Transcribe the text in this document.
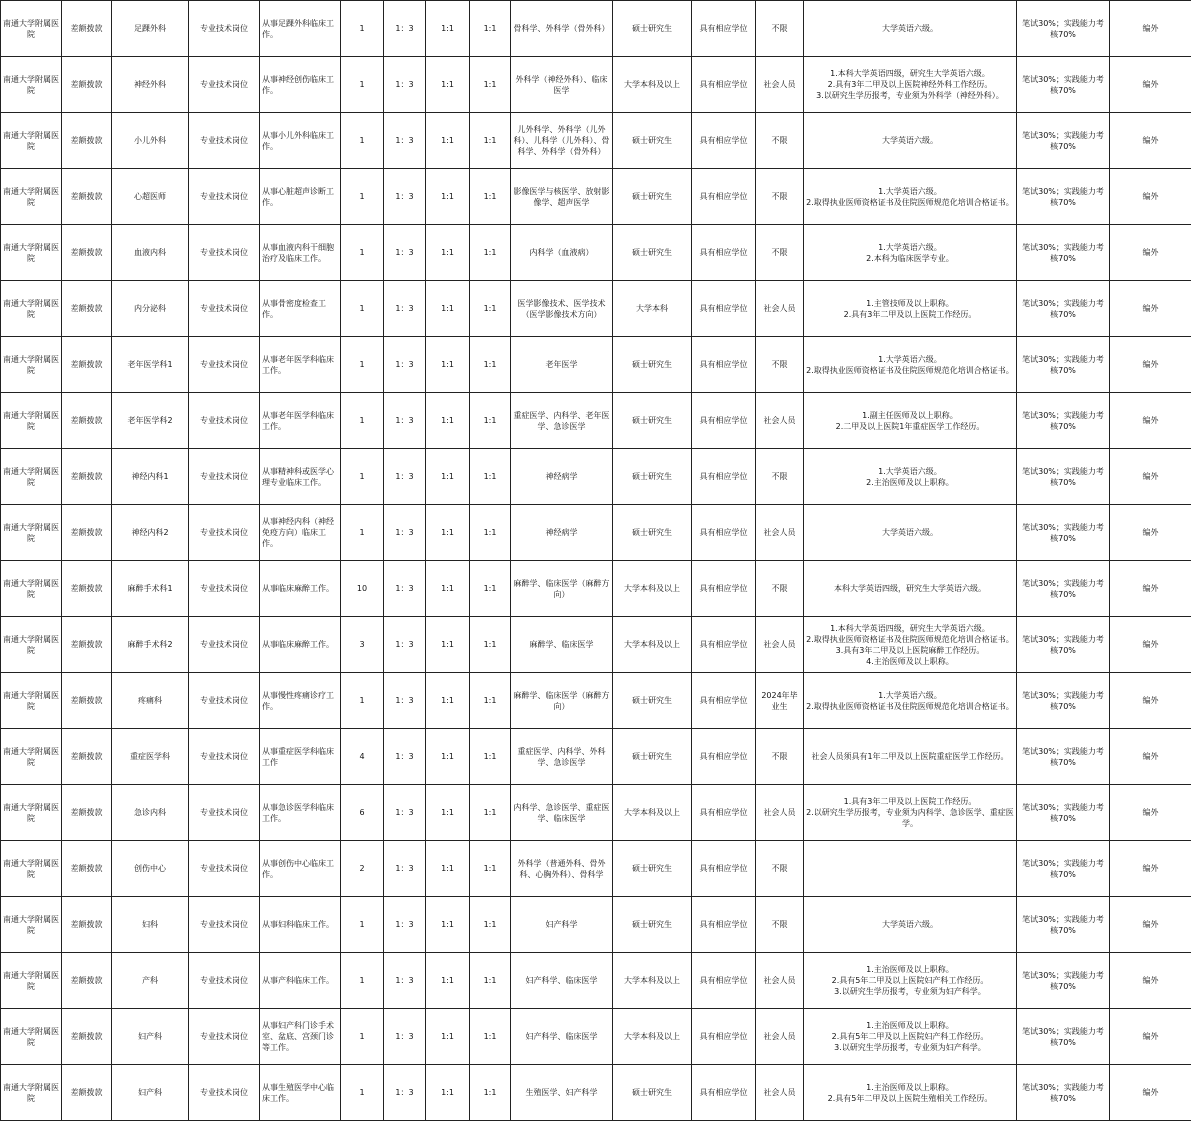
南通大学附属医院	差额拨款	足踝外科	专业技术岗位	从事足踝外科临床工作。	1	1：3	1:1	1:1	骨科学、外科学（骨外科）	硕士研究生	具有相应学位	不限	大学英语六级。	笔试30%；实践能力考核70%	编外
南通大学附属医院	差额拨款	神经外科	专业技术岗位	从事神经创伤临床工作。	1	1：3	1:1	1:1	外科学（神经外科）、临床医学	大学本科及以上	具有相应学位	社会人员	1.本科大学英语四级，研究生大学英语六级。
2.具有3年二甲及以上医院神经外科工作经历。
3.以研究生学历报考，专业须为外科学（神经外科）。	笔试30%；实践能力考核70%	编外
南通大学附属医院	差额拨款	小儿外科	专业技术岗位	从事小儿外科临床工作。	1	1：3	1:1	1:1	儿外科学、外科学（儿外科）、儿科学（儿外科）、骨科学、外科学（骨外科）	硕士研究生	具有相应学位	不限	大学英语六级。	笔试30%；实践能力考核70%	编外
南通大学附属医院	差额拨款	心超医师	专业技术岗位	从事心脏超声诊断工作。	1	1：3	1:1	1:1	影像医学与核医学、放射影像学、超声医学	硕士研究生	具有相应学位	不限	1.大学英语六级。
2.取得执业医师资格证书及住院医师规范化培训合格证书。	笔试30%；实践能力考核70%	编外
南通大学附属医院	差额拨款	血液内科	专业技术岗位	从事血液内科干细胞治疗及临床工作。	1	1：3	1:1	1:1	内科学（血液病）	硕士研究生	具有相应学位	不限	1.大学英语六级。
2.本科为临床医学专业。	笔试30%；实践能力考核70%	编外
南通大学附属医院	差额拨款	内分泌科	专业技术岗位	从事骨密度检查工作。	1	1：3	1:1	1:1	医学影像技术、医学技术（医学影像技术方向）	大学本科	具有相应学位	社会人员	1.主管技师及以上职称。
2.具有3年二甲及以上医院工作经历。	笔试30%；实践能力考核70%	编外
南通大学附属医院	差额拨款	老年医学科1	专业技术岗位	从事老年医学科临床工作。	1	1：3	1:1	1:1	老年医学	硕士研究生	具有相应学位	不限	1.大学英语六级。
2.取得执业医师资格证书及住院医师规范化培训合格证书。	笔试30%；实践能力考核70%	编外
南通大学附属医院	差额拨款	老年医学科2	专业技术岗位	从事老年医学科临床工作。	1	1：3	1:1	1:1	重症医学、内科学、老年医学、急诊医学	硕士研究生	具有相应学位	社会人员	1.副主任医师及以上职称。
2.二甲及以上医院1年重症医学工作经历。	笔试30%；实践能力考核70%	编外
南通大学附属医院	差额拨款	神经内科1	专业技术岗位	从事精神科或医学心理专业临床工作。	1	1：3	1:1	1:1	神经病学	硕士研究生	具有相应学位	不限	1.大学英语六级。
2.主治医师及以上职称。	笔试30%；实践能力考核70%	编外
南通大学附属医院	差额拨款	神经内科2	专业技术岗位	从事神经内科（神经免疫方向）临床工作。	1	1：3	1:1	1:1	神经病学	硕士研究生	具有相应学位	社会人员	大学英语六级。	笔试30%；实践能力考核70%	编外
南通大学附属医院	差额拨款	麻醉手术科1	专业技术岗位	从事临床麻醉工作。	10	1：3	1:1	1:1	麻醉学、临床医学（麻醉方向）	大学本科及以上	具有相应学位	不限	本科大学英语四级，研究生大学英语六级。	笔试30%；实践能力考核70%	编外
南通大学附属医院	差额拨款	麻醉手术科2	专业技术岗位	从事临床麻醉工作。	3	1：3	1:1	1:1	麻醉学、临床医学	大学本科及以上	具有相应学位	社会人员	1.本科大学英语四级，研究生大学英语六级。
2.取得执业医师资格证书及住院医师规范化培训合格证书。
3.具有3年二甲及以上医院麻醉工作经历。
4.主治医师及以上职称。	笔试30%；实践能力考核70%	编外
南通大学附属医院	差额拨款	疼痛科	专业技术岗位	从事慢性疼痛诊疗工作。	1	1：3	1:1	1:1	麻醉学、临床医学（麻醉方向）	硕士研究生	具有相应学位	2024年毕业生	1.大学英语六级。
2.取得执业医师资格证书及住院医师规范化培训合格证书。	笔试30%；实践能力考核70%	编外
南通大学附属医院	差额拨款	重症医学科	专业技术岗位	从事重症医学科临床工作	4	1：3	1:1	1:1	重症医学、内科学、外科学、急诊医学	硕士研究生	具有相应学位	不限	社会人员须具有1年二甲及以上医院重症医学工作经历。	笔试30%；实践能力考核70%	编外
南通大学附属医院	差额拨款	急诊内科	专业技术岗位	从事急诊医学科临床工作。	6	1：3	1:1	1:1	内科学、急诊医学、重症医学、临床医学	大学本科及以上	具有相应学位	社会人员	1.具有3年二甲及以上医院工作经历。
2.以研究生学历报考，专业须为内科学、急诊医学、重症医学。	笔试30%；实践能力考核70%	编外
南通大学附属医院	差额拨款	创伤中心	专业技术岗位	从事创伤中心临床工作。	2	1：3	1:1	1:1	外科学（普通外科、骨外科、心胸外科）、骨科学	硕士研究生	具有相应学位	不限		笔试30%；实践能力考核70%	编外
南通大学附属医院	差额拨款	妇科	专业技术岗位	从事妇科临床工作。	1	1：3	1:1	1:1	妇产科学	硕士研究生	具有相应学位	不限	大学英语六级。	笔试30%；实践能力考核70%	编外
南通大学附属医院	差额拨款	产科	专业技术岗位	从事产科临床工作。	1	1：3	1:1	1:1	妇产科学、临床医学	大学本科及以上	具有相应学位	社会人员	1.主治医师及以上职称。
2.具有5年二甲及以上医院妇产科工作经历。
3.以研究生学历报考，专业须为妇产科学。	笔试30%；实践能力考核70%	编外
南通大学附属医院	差额拨款	妇产科	专业技术岗位	从事妇产科门诊手术室、盆底、宫颈门诊等工作。	1	1：3	1:1	1:1	妇产科学、临床医学	大学本科及以上	具有相应学位	社会人员	1.主治医师及以上职称。
2.具有5年二甲及以上医院妇产科工作经历。
3.以研究生学历报考，专业须为妇产科学。	笔试30%；实践能力考核70%	编外
南通大学附属医院	差额拨款	妇产科	专业技术岗位	从事生殖医学中心临床工作。	1	1：3	1:1	1:1	生殖医学、妇产科学	硕士研究生	具有相应学位	社会人员	1.主治医师及以上职称。
2.具有5年二甲及以上医院生殖相关工作经历。	笔试30%；实践能力考核70%	编外
